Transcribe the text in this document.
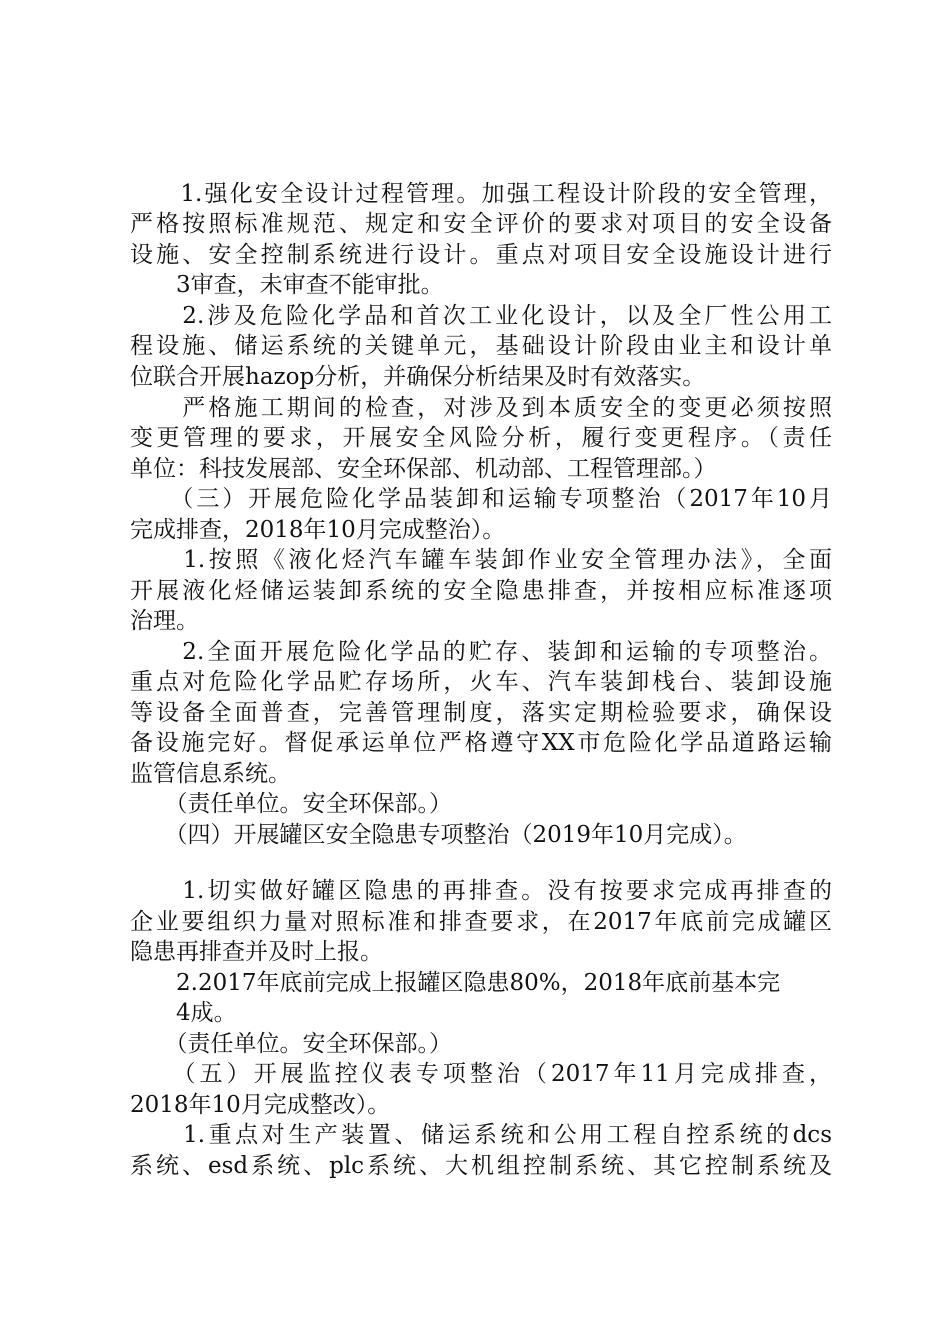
　　1.强化安全设计过程管理。加强工程设计阶段的安全管理，
严格按照标准规范、规定和安全评价的要求对项目的安全设备
设施、安全控制系统进行设计。重点对项目安全设施设计进行
　　3审查，未审查不能审批。
　　2.涉及危险化学品和首次工业化设计，以及全厂性公用工
程设施、储运系统的关键单元，基础设计阶段由业主和设计单
位联合开展hazop分析，并确保分析结果及时有效落实。
　　严格施工期间的检查，对涉及到本质安全的变更必须按照
变更管理的要求，开展安全风险分析，履行变更程序。（责任
单位：科技发展部、安全环保部、机动部、工程管理部。）
　　（三）开展危险化学品装卸和运输专项整治（2017年10月
完成排查，2018年10月完成整治）。
　　1.按照《液化烃汽车罐车装卸作业安全管理办法》，全面
开展液化烃储运装卸系统的安全隐患排查，并按相应标准逐项
治理。
　　2.全面开展危险化学品的贮存、装卸和运输的专项整治。
重点对危险化学品贮存场所，火车、汽车装卸栈台、装卸设施
等设备全面普查，完善管理制度，落实定期检验要求，确保设
备设施完好。督促承运单位严格遵守XX市危险化学品道路运输
监管信息系统。
　　（责任单位。安全环保部。）
　　（四）开展罐区安全隐患专项整治（2019年10月完成）。
　　1.切实做好罐区隐患的再排查。没有按要求完成再排查的
企业要组织力量对照标准和排查要求，在2017年底前完成罐区
隐患再排查并及时上报。
　　2.2017年底前完成上报罐区隐患80%，2018年底前基本完
　　4成。
　　（责任单位。安全环保部。）
　　（五）开展监控仪表专项整治（2017年11月完成排查，
2018年10月完成整改）。
　　1.重点对生产装置、储运系统和公用工程自控系统的dcs
系统、esd系统、plc系统、大机组控制系统、其它控制系统及
